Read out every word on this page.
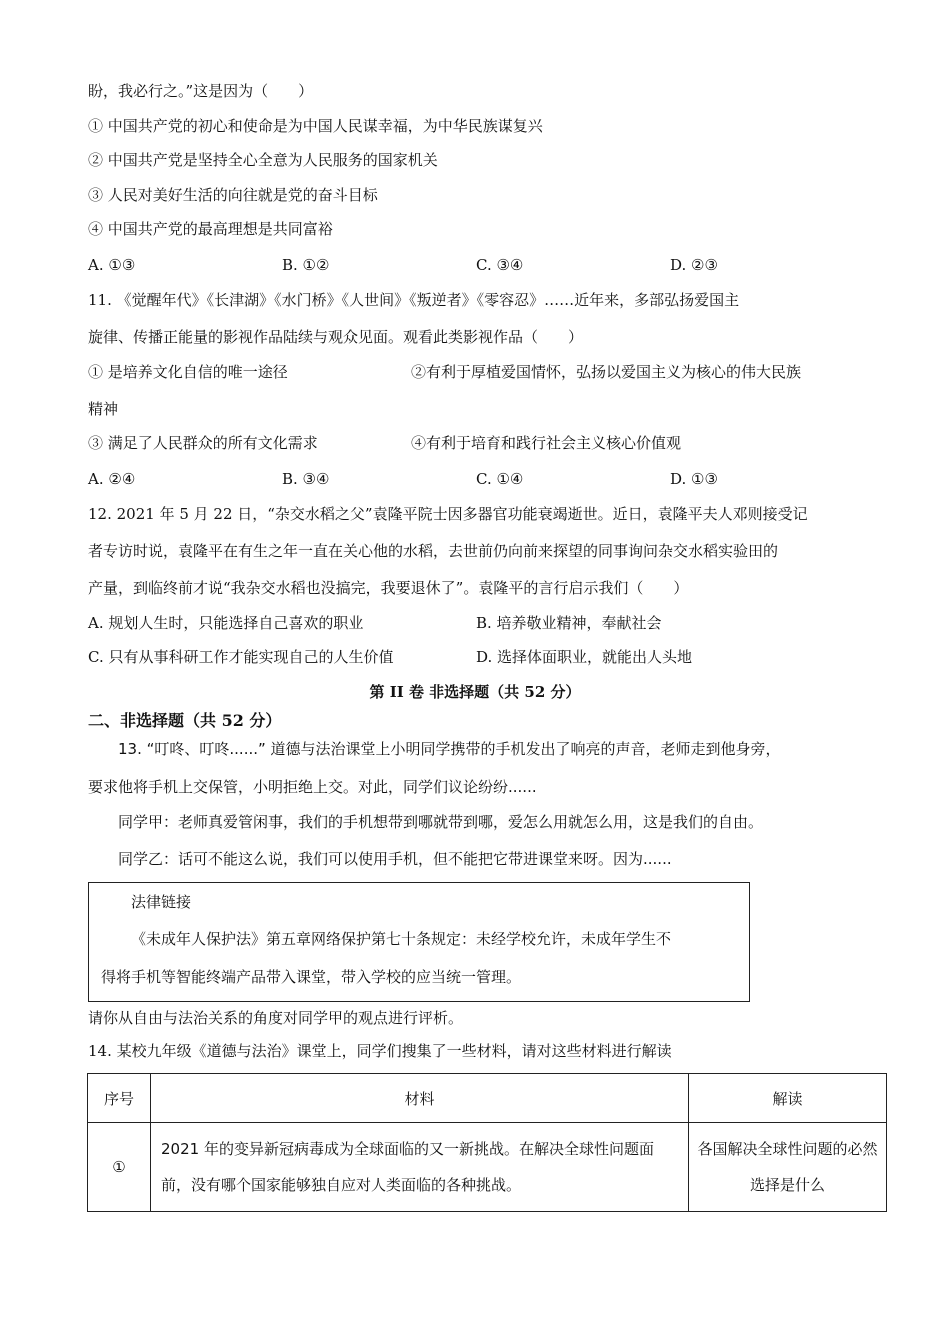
盼，我必行之。”这是因为（　　）
① 中国共产党的初心和使命是为中国人民谋幸福，为中华民族谋复兴
② 中国共产党是坚持全心全意为人民服务的国家机关
③ 人民对美好生活的向往就是党的奋斗目标
④ 中国共产党的最高理想是共同富裕
A. ①③	B. ①②	C. ③④	D. ②③
11. 《觉醒年代》《长津湖》《水门桥》《人世间》《叛逆者》《零容忍》……近年来，多部弘扬爱国主
旋律、传播正能量的影视作品陆续与观众见面。观看此类影视作品（　　）
① 是培养文化自信的唯一途径	②有利于厚植爱国情怀，弘扬以爱国主义为核心的伟大民族
精神
③ 满足了人民群众的所有文化需求	④有利于培育和践行社会主义核心价值观
A. ②④	B. ③④	C. ①④	D. ①③
12. 2021 年 5 月 22 日，“杂交水稻之父”袁隆平院士因多器官功能衰竭逝世。近日，袁隆平夫人邓则接受记
者专访时说，袁隆平在有生之年一直在关心他的水稻，去世前仍向前来探望的同事询问杂交水稻实验田的
产量，到临终前才说“我杂交水稻也没搞完，我要退休了”。袁隆平的言行启示我们（　　）
A. 规划人生时，只能选择自己喜欢的职业	B. 培养敬业精神，奉献社会
C. 只有从事科研工作才能实现自己的人生价值	D. 选择体面职业，就能出人头地
第 II 卷 非选择题（共 52 分）
二、非选择题（共 52 分）
13. “叮咚、叮咚......” 道德与法治课堂上小明同学携带的手机发出了响亮的声音，老师走到他身旁，
要求他将手机上交保管，小明拒绝上交。对此，同学们议论纷纷......
同学甲：老师真爱管闲事，我们的手机想带到哪就带到哪，爱怎么用就怎么用，这是我们的自由。
同学乙：话可不能这么说，我们可以使用手机，但不能把它带进课堂来呀。因为......
法律链接
《未成年人保护法》第五章网络保护第七十条规定：未经学校允许，未成年学生不
得将手机等智能终端产品带入课堂，带入学校的应当统一管理。
请你从自由与法治关系的角度对同学甲的观点进行评析。
14. 某校九年级《道德与法治》课堂上，同学们搜集了一些材料，请对这些材料进行解读
序号	材料	解读
①	2021 年的变异新冠病毒成为全球面临的又一新挑战。在解决全球性问题面前，没有哪个国家能够独自应对人类面临的各种挑战。	各国解决全球性问题的必然选择是什么
